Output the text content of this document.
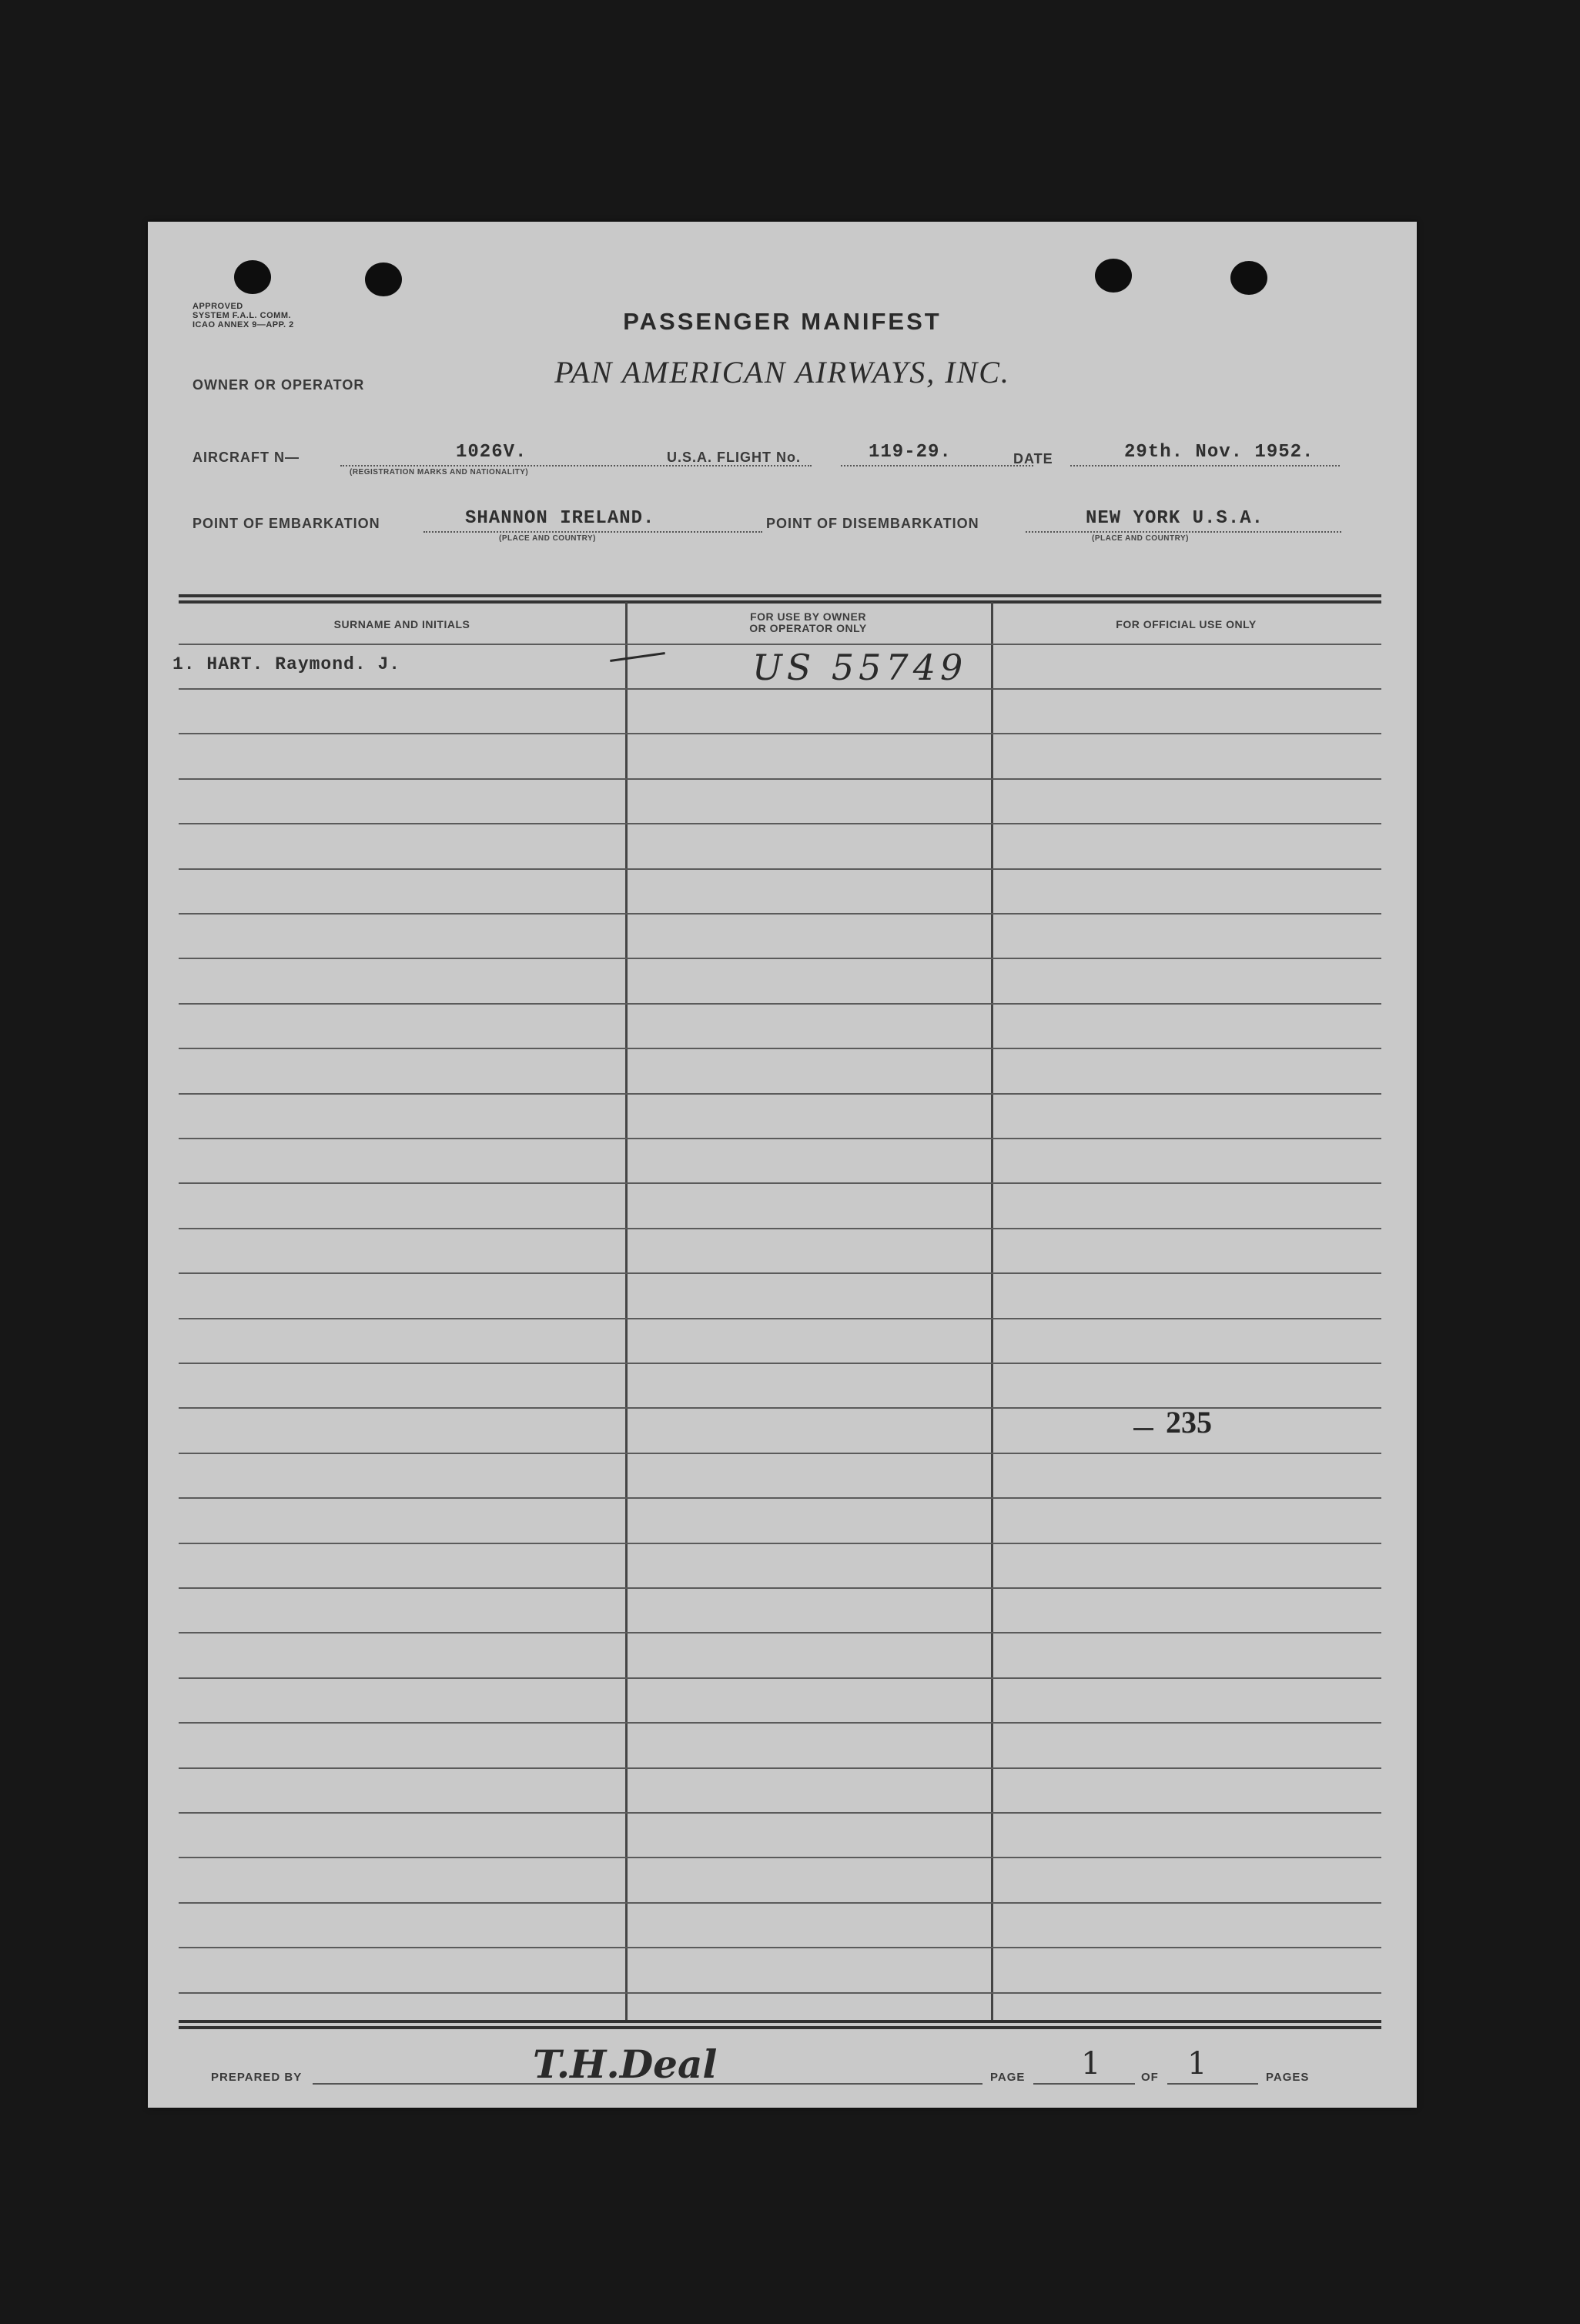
APPROVED
SYSTEM F.A.L. COMM.
ICAO ANNEX 9—APP. 2	PASSENGER MANIFEST
PAN AMERICAN AIRWAYS, INC.
OWNER OR OPERATOR
AIRCRAFT N—	1026V.
(REGISTRATION MARKS AND NATIONALITY)
U.S.A. FLIGHT No.	119-29.	DATE	29th. Nov. 1952.
POINT OF EMBARKATION	SHANNON IRELAND.
(PLACE AND COUNTRY)
POINT OF DISEMBARKATION	NEW YORK U.S.A.
(PLACE AND COUNTRY)
SURNAME AND INITIALS
FOR USE BY OWNER
OR OPERATOR ONLY	FOR OFFICIAL USE ONLY
1. HART. Raymond. J.	US 55749
235
PREPARED BY	T.H.Deal	PAGE 1	OF 1	PAGES
